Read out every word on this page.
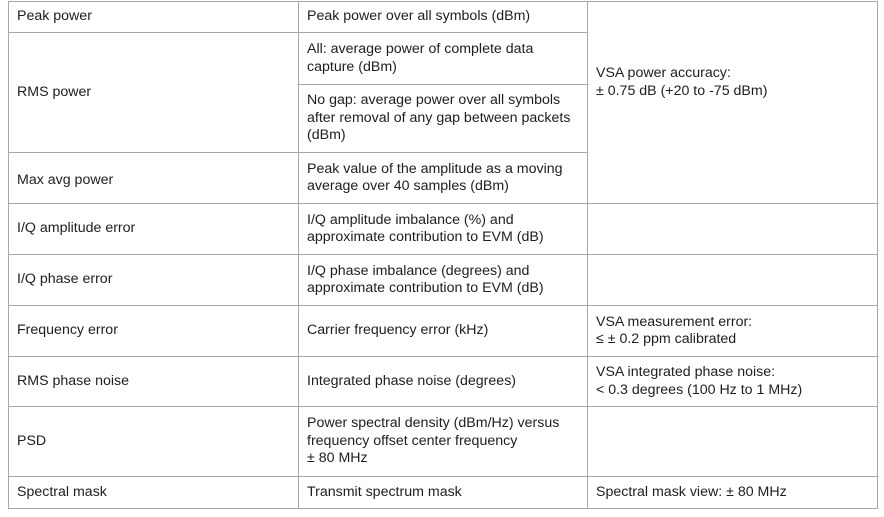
Peak power	Peak power over all symbols (dBm)	VSA power accuracy:
± 0.75 dB (+20 to -75 dBm)
RMS power	All: average power of complete data capture (dBm)	
	No gap: average power over all symbols after removal of any gap between packets (dBm)	
Max avg power	Peak value of the amplitude as a moving average over 40 samples (dBm)	
I/Q amplitude error	I/Q amplitude imbalance (%) and approximate contribution to EVM (dB)	
I/Q phase error	I/Q phase imbalance (degrees) and approximate contribution to EVM (dB)	
Frequency error	Carrier frequency error (kHz)	VSA measurement error:
≤ ± 0.2 ppm calibrated
RMS phase noise	Integrated phase noise (degrees)	VSA integrated phase noise:
< 0.3 degrees (100 Hz to 1 MHz)
PSD	Power spectral density (dBm/Hz) versus frequency offset center frequency
± 80 MHz	
Spectral mask	Transmit spectrum mask	Spectral mask view: ± 80 MHz
